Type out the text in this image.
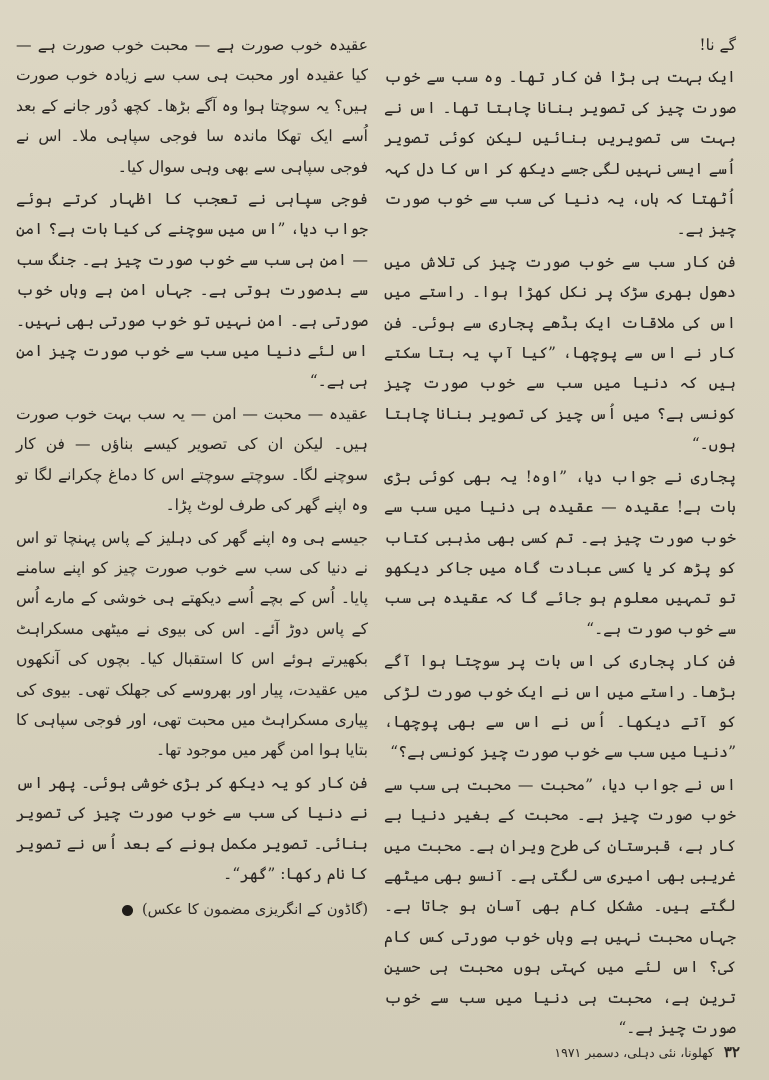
گے نا!

ایک بہت ہی بڑا فن کار تھا۔ وہ سب سے خوب صورت چیز کی تصویر بنانا چاہتا تھا۔ اس نے بہت سی تصویریں بنائیں لیکن کوئی تصویر اُسے ایسی نہیں لگی جسے دیکھ کر اس کا دل کہہ اُٹھتا کہ ہاں، یہ دنیا کی سب سے خوب صورت چیز ہے۔

فن کار سب سے خوب صورت چیز کی تلاش میں دھول بھری سڑک پر نکل کھڑا ہوا۔ راستے میں اس کی ملاقات ایک بڈھے پجاری سے ہوئی۔ فن کار نے اس سے پوچھا، ”کیا آپ یہ بتا سکتے ہیں کہ دنیا میں سب سے خوب صورت چیز کونسی ہے؟ میں اُس چیز کی تصویر بنانا چاہتا ہوں۔“

پجاری نے جواب دیا، ”اوہ! یہ بھی کوئی بڑی بات ہے! عقیدہ — عقیدہ ہی دنیا میں سب سے خوب صورت چیز ہے۔ تم کسی بھی مذہبی کتاب کو پڑھ کر یا کسی عبادت گاہ میں جاکر دیکھو تو تمہیں معلوم ہو جائے گا کہ عقیدہ ہی سب سے خوب صورت ہے۔“

فن کار پجاری کی اس بات پر سوچتا ہوا آگے بڑھا۔ راستے میں اس نے ایک خوب صورت لڑکی کو آتے دیکھا۔ اُس نے اس سے بھی پوچھا، ”دنیا میں سب سے خوب صورت چیز کونسی ہے؟“

اس نے جواب دیا، ”محبت — محبت ہی سب سے خوب صورت چیز ہے۔ محبت کے بغیر دنیا بے کار ہے، قبرستان کی طرح ویران ہے۔ محبت میں غریبی بھی امیری سی لگتی ہے۔ آنسو بھی میٹھے لگتے ہیں۔ مشکل کام بھی آسان ہو جاتا ہے۔ جہاں محبت نہیں ہے وہاں خوب صورتی کس کام کی؟ اس لئے میں کہتی ہوں محبت ہی حسین ترین ہے، محبت ہی دنیا میں سب سے خوب صورت چیز ہے۔“

عقیدہ خوب صورت ہے — محبت خوب صورت ہے — کیا عقیدہ اور محبت ہی سب سے زیادہ خوب صورت ہیں؟ یہ سوچتا ہوا وہ آگے بڑھا۔ کچھ دُور جانے کے بعد اُسے ایک تھکا ماندہ سا فوجی سپاہی ملا۔ اس نے فوجی سپاہی سے بھی وہی سوال کیا۔

فوجی سپاہی نے تعجب کا اظہار کرتے ہوئے جواب دیا، ”اس میں سوچنے کی کیا بات ہے؟ امن — امن ہی سب سے خوب صورت چیز ہے۔ جنگ سب سے بدصورت ہوتی ہے۔ جہاں امن ہے وہاں خوب صورتی ہے۔ امن نہیں تو خوب صورتی بھی نہیں۔ اس لئے دنیا میں سب سے خوب صورت چیز امن ہی ہے۔“

عقیدہ — محبت — امن — یہ سب بہت خوب صورت ہیں۔ لیکن ان کی تصویر کیسے بناؤں — فن کار سوچنے لگا۔ سوچتے سوچتے اس کا دماغ چکرانے لگا تو وہ اپنے گھر کی طرف لوٹ پڑا۔

جیسے ہی وہ اپنے گھر کی دہلیز کے پاس پہنچا تو اس نے دنیا کی سب سے خوب صورت چیز کو اپنے سامنے پایا۔ اُس کے بچے اُسے دیکھتے ہی خوشی کے مارے اُس کے پاس دوڑ آئے۔ اس کی بیوی نے میٹھی مسکراہٹ بکھیرتے ہوئے اس کا استقبال کیا۔ بچوں کی آنکھوں میں عقیدت، پیار اور بھروسے کی جھلک تھی۔ بیوی کی پیاری مسکراہٹ میں محبت تھی، اور فوجی سپاہی کا بتایا ہوا امن گھر میں موجود تھا۔

فن کار کو یہ دیکھ کر بڑی خوشی ہوئی۔ پھر اس نے دنیا کی سب سے خوب صورت چیز کی تصویر بنائی۔ تصویر مکمل ہونے کے بعد اُس نے تصویر کا نام رکھا: ”گھر“۔

(گاڈون کے انگریزی مضمون کا عکس)
۳۲ کھلونا، نئی دہلی، دسمبر ۱۹۷۱
